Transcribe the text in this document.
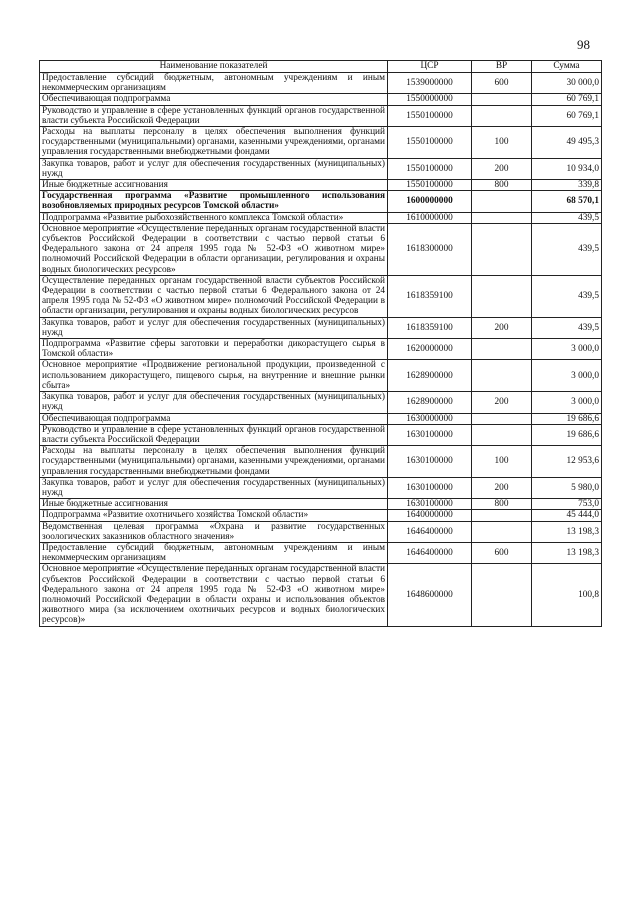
98
Наименование показателей	ЦСР	ВР	Сумма
Предоставление субсидий бюджетным, автономным учреждениям и иным некоммерческим организациям	1539000000	600	30 000,0
Обеспечивающая подпрограмма	1550000000		60 769,1
Руководство и управление в сфере установленных функций органов государственной власти субъекта Российской Федерации	1550100000		60 769,1
Расходы на выплаты персоналу в целях обеспечения выполнения функций государственными (муниципальными) органами, казенными учреждениями, органами управления государственными внебюджетными фондами	1550100000	100	49 495,3
Закупка товаров, работ и услуг для обеспечения государственных (муниципальных) нужд	1550100000	200	10 934,0
Иные бюджетные ассигнования	1550100000	800	339,8
Государственная программа «Развитие промышленного использования возобновляемых природных ресурсов Томской области»	1600000000		68 570,1
Подпрограмма «Развитие рыбохозяйственного комплекса Томской области»	1610000000		439,5
Основное мероприятие «Осуществление переданных органам государственной власти субъектов Российской Федерации в соответствии с частью первой статьи 6 Федерального закона от 24 апреля 1995 года № 52-ФЗ «О животном мире» полномочий Российской Федерации в области организации, регулирования и охраны водных биологических ресурсов»	1618300000		439,5
Осуществление переданных органам государственной власти субъектов Российской Федерации в соответствии с частью первой статьи 6 Федерального закона от 24 апреля 1995 года № 52-ФЗ «О животном мире» полномочий Российской Федерации в области организации, регулирования и охраны водных биологических ресурсов	1618359100		439,5
Закупка товаров, работ и услуг для обеспечения государственных (муниципальных) нужд	1618359100	200	439,5
Подпрограмма «Развитие сферы заготовки и переработки дикорастущего сырья в Томской области»	1620000000		3 000,0
Основное мероприятие «Продвижение региональной продукции, произведенной с использованием дикорастущего, пищевого сырья, на внутренние и внешние рынки сбыта»	1628900000		3 000,0
Закупка товаров, работ и услуг для обеспечения государственных (муниципальных) нужд	1628900000	200	3 000,0
Обеспечивающая подпрограмма	1630000000		19 686,6
Руководство и управление в сфере установленных функций органов государственной власти субъекта Российской Федерации	1630100000		19 686,6
Расходы на выплаты персоналу в целях обеспечения выполнения функций государственными (муниципальными) органами, казенными учреждениями, органами управления государственными внебюджетными фондами	1630100000	100	12 953,6
Закупка товаров, работ и услуг для обеспечения государственных (муниципальных) нужд	1630100000	200	5 980,0
Иные бюджетные ассигнования	1630100000	800	753,0
Подпрограмма «Развитие охотничьего хозяйства Томской области»	1640000000		45 444,0
Ведомственная целевая программа «Охрана и развитие государственных зоологических заказников областного значения»	1646400000		13 198,3
Предоставление субсидий бюджетным, автономным учреждениям и иным некоммерческим организациям	1646400000	600	13 198,3
Основное мероприятие «Осуществление переданных органам государственной власти субъектов Российской Федерации в соответствии с частью первой статьи 6 Федерального закона от 24 апреля 1995 года № 52-ФЗ «О животном мире» полномочий Российской Федерации в области охраны и использования объектов животного мира (за исключением охотничьих ресурсов и водных биологических ресурсов)»	1648600000		100,8
